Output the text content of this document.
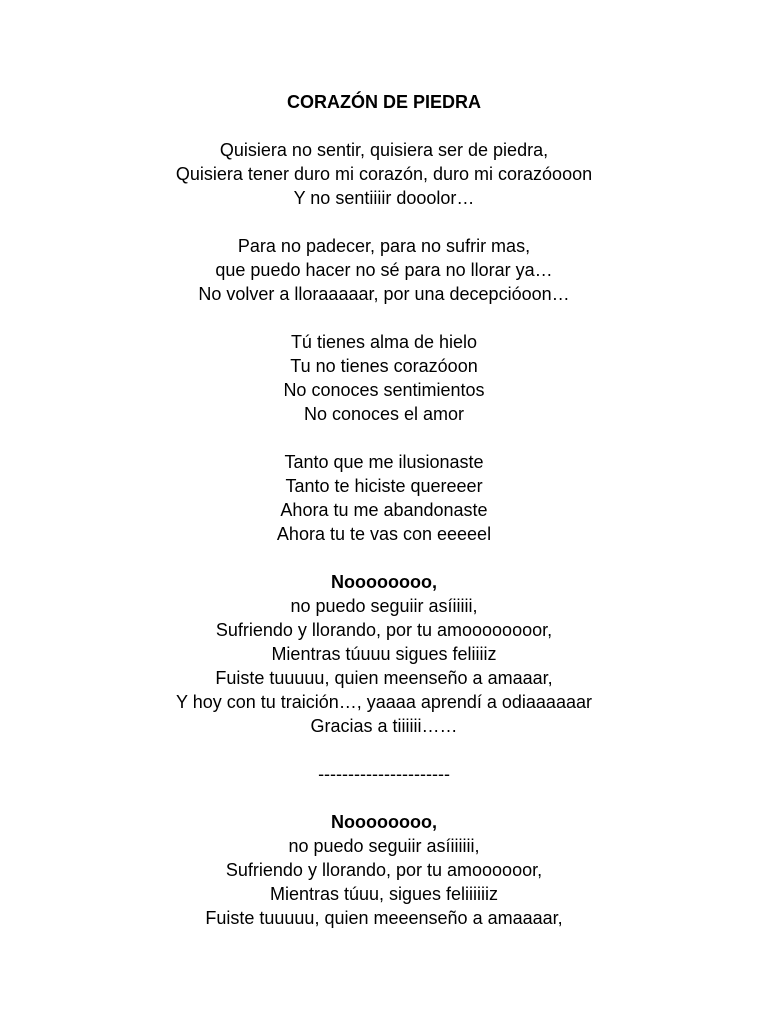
CORAZÓN DE PIEDRA
Quisiera no sentir, quisiera ser de piedra,
Quisiera tener duro mi corazón, duro mi corazóooon
Y no sentiiiir dooolor…
Para no padecer, para no sufrir mas,
que puedo hacer no sé para no llorar ya…
No volver a lloraaaaar, por una decepcióoon…
Tú tienes alma de hielo
Tu no tienes corazóoon
No conoces sentimientos
No conoces el amor
Tanto que me ilusionaste
Tanto te hiciste quereeer
Ahora tu me abandonaste
Ahora tu te vas con eeeeel
Noooooooo,
no puedo seguiir asíiiiii,
Sufriendo y llorando, por tu amoooooooor,
Mientras túuuu sigues feliiiiz
Fuiste tuuuuu, quien meenseño a amaaar,
Y hoy con tu traición…, yaaaa aprendí a odiaaaaaar
Gracias a tiiiiii……
----------------------
Noooooooo,
no puedo seguiir asíiiiiii,
Sufriendo y llorando, por tu amoooooor,
Mientras túuu, sigues feliiiiiiz
Fuiste tuuuuu, quien meeenseño a amaaaar,
